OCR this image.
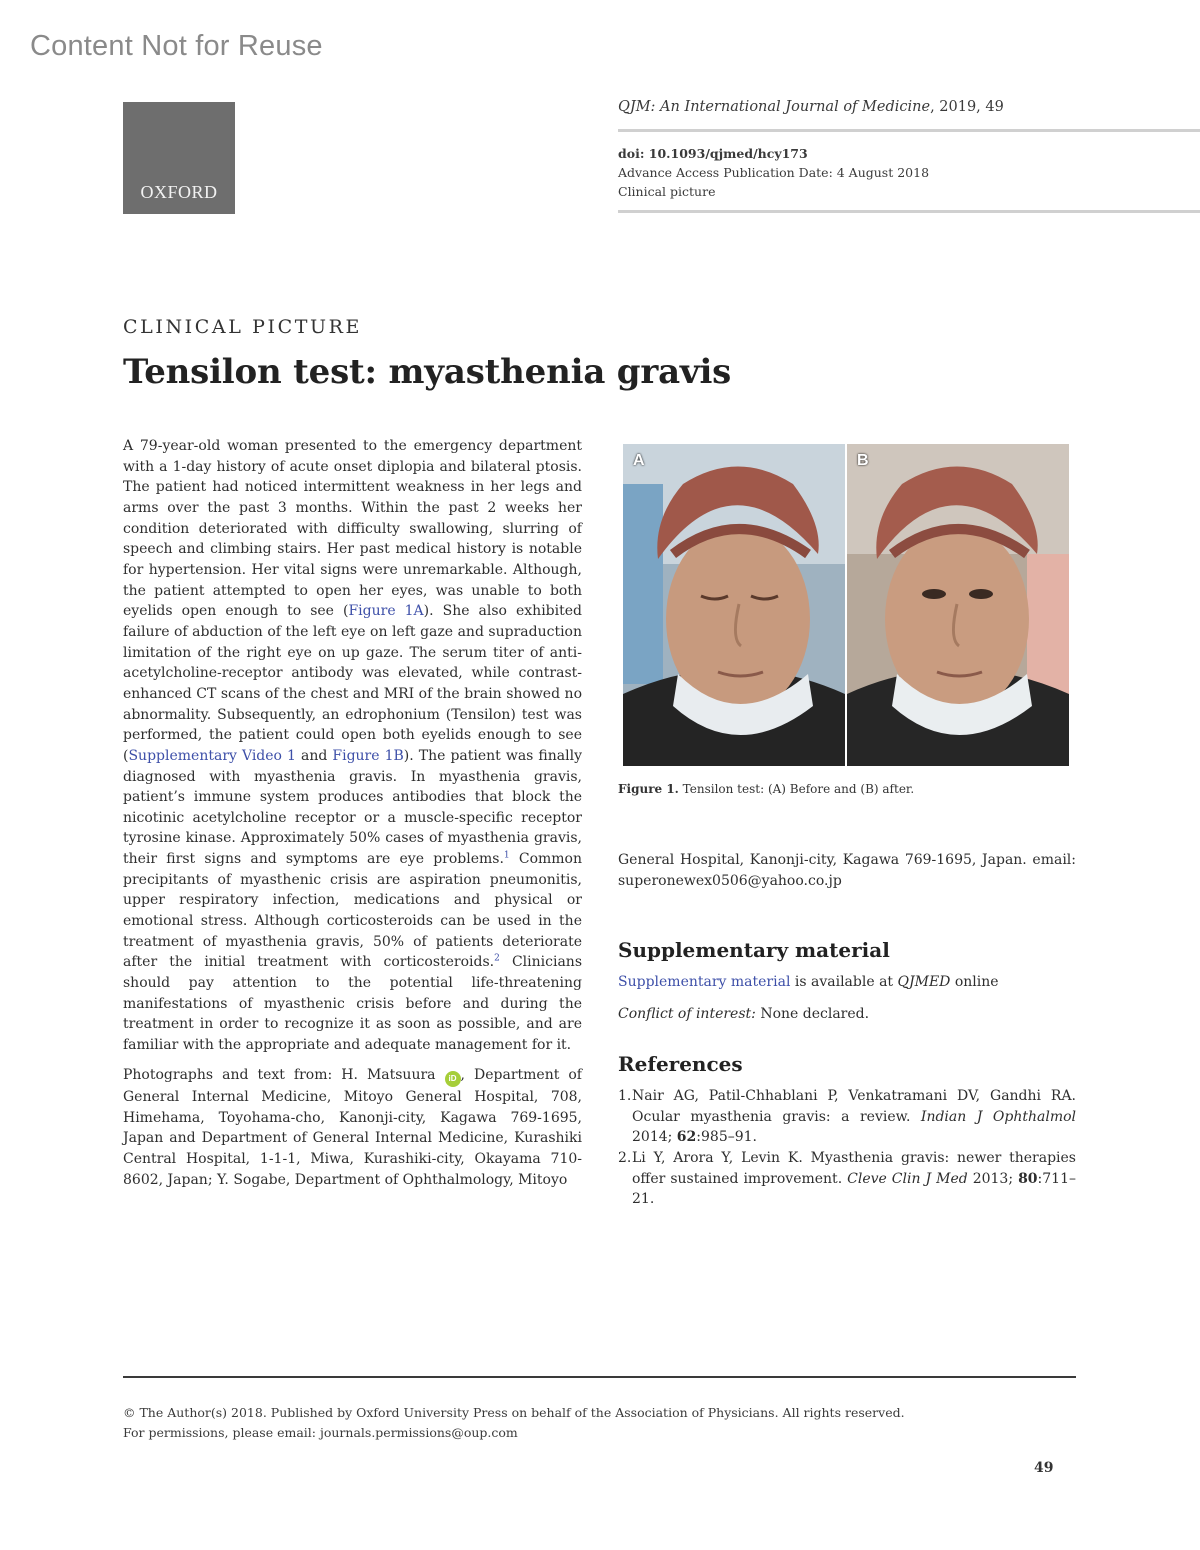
Content Not for Reuse
OXFORD
QJM: An International Journal of Medicine, 2019, 49
doi: 10.1093/qjmed/hcy173
Advance Access Publication Date: 4 August 2018
Clinical picture
CLINICAL PICTURE
Tensilon test: myasthenia gravis
A 79-year-old woman presented to the emergency department with a 1-day history of acute onset diplopia and bilateral ptosis. The patient had noticed intermittent weakness in her legs and arms over the past 3 months. Within the past 2 weeks her condition deteriorated with difficulty swallowing, slurring of speech and climbing stairs. Her past medical history is notable for hypertension. Her vital signs were unremarkable. Although, the patient attempted to open her eyes, was unable to both eyelids open enough to see (Figure 1A). She also exhibited failure of abduction of the left eye on left gaze and supraduction limitation of the right eye on up gaze. The serum titer of anti-acetylcholine-receptor antibody was elevated, while contrast-enhanced CT scans of the chest and MRI of the brain showed no abnormality. Subsequently, an edrophonium (Tensilon) test was performed, the patient could open both eyelids enough to see (Supplementary Video 1 and Figure 1B). The patient was finally diagnosed with myasthenia gravis. In myasthenia gravis, patient’s immune system produces antibodies that block the nicotinic acetylcholine receptor or a muscle-specific receptor tyrosine kinase. Approximately 50% cases of myasthenia gravis, their first signs and symptoms are eye problems.$^1$ Common precipitants of myasthenic crisis are aspiration pneumonitis, upper respiratory infection, medications and physical or emotional stress. Although corticosteroids can be used in the treatment of myasthenia gravis, 50% of patients deteriorate after the initial treatment with corticosteroids.$^2$ Clinicians should pay attention to the potential life-threatening manifestations of myasthenic crisis before and during the treatment in order to recognize it as soon as possible, and are familiar with the appropriate and adequate management for it.
Photographs and text from: H. Matsuura iD , Department of General Internal Medicine, Mitoyo General Hospital, 708, Himehama, Toyohama-cho, Kanonji-city, Kagawa 769-1695, Japan and Department of General Internal Medicine, Kurashiki Central Hospital, 1-1-1, Miwa, Kurashiki-city, Okayama 710-8602, Japan; Y. Sogabe, Department of Ophthalmology, Mitoyo
A	B
Figure 1. Tensilon test: (A) Before and (B) after.
General Hospital, Kanonji-city, Kagawa 769-1695, Japan. email: superonewex0506@yahoo.co.jp
Supplementary material
Supplementary material is available at QJMED online
Conflict of interest: None declared.
References
1. Nair AG, Patil-Chhablani P, Venkatramani DV, Gandhi RA. Ocular myasthenia gravis: a review. Indian J Ophthalmol 2014; 62:985–91.
2. Li Y, Arora Y, Levin K. Myasthenia gravis: newer therapies offer sustained improvement. Cleve Clin J Med 2013; 80:711–21.
© The Author(s) 2018. Published by Oxford University Press on behalf of the Association of Physicians. All rights reserved.
For permissions, please email: journals.permissions@oup.com
49
